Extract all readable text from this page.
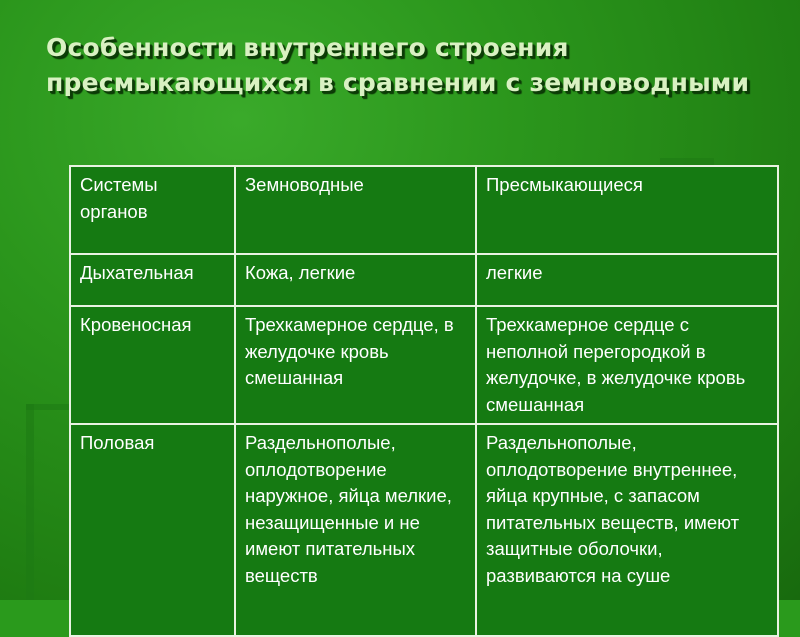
Особенности внутреннего строения пресмыкающихся в сравнении с земноводными
Системы органов	Земноводные	Пресмыкающиеся
Дыхательная	Кожа, легкие	легкие
Кровеносная	Трехкамерное сердце, в желудочке кровь смешанная	Трехкамерное сердце с неполной перегородкой в желудочке, в желудочке кровь смешанная
Половая	Раздельнополые, оплодотворение наружное, яйца мелкие, незащищенные и не имеют питательных веществ	Раздельнополые, оплодотворение внутреннее, яйца крупные, с запасом питательных веществ, имеют защитные оболочки, развиваются на суше
